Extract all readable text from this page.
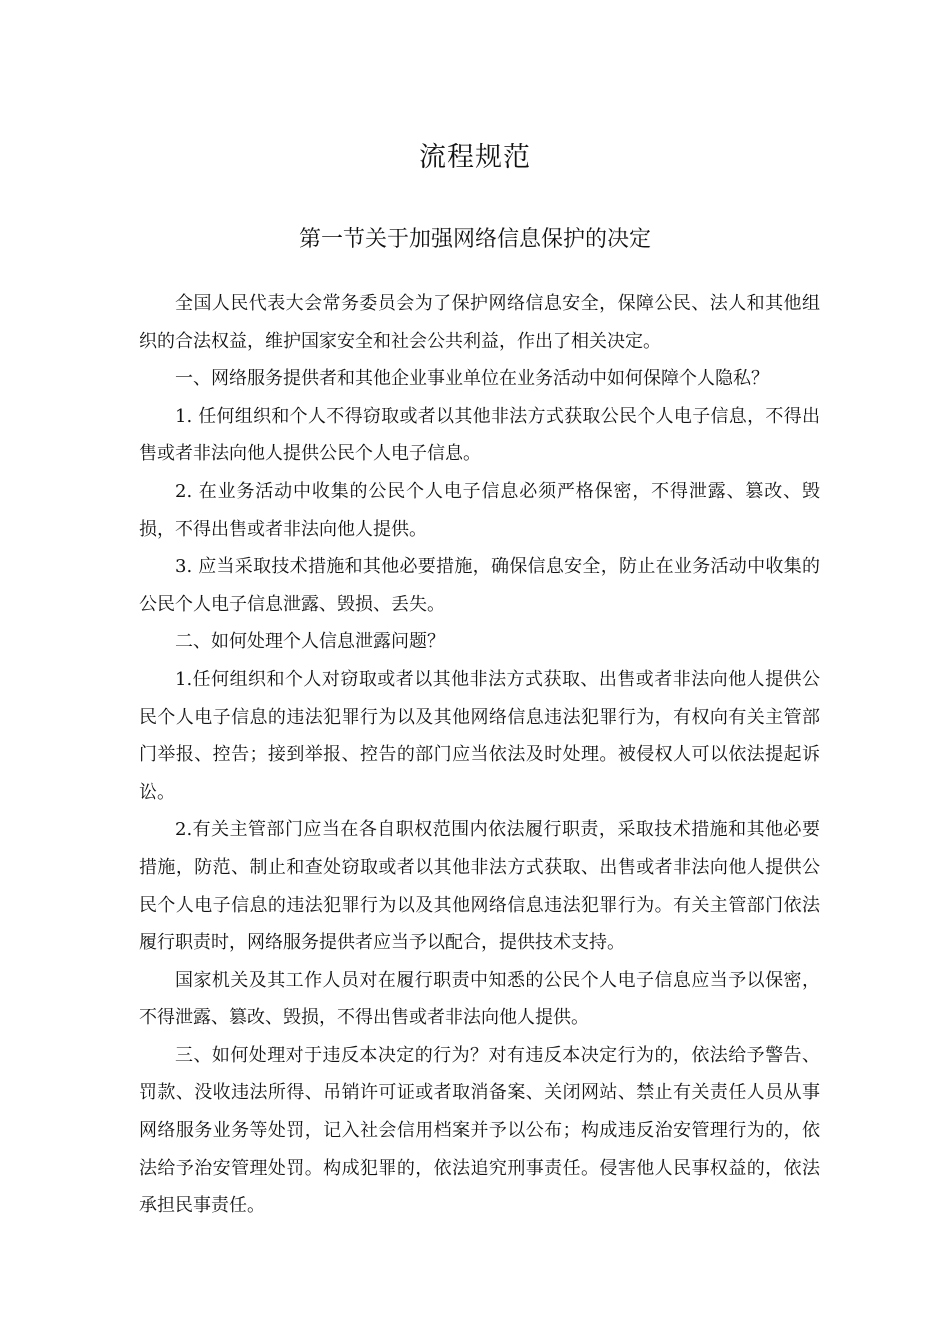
流程规范
第一节关于加强网络信息保护的决定

全国人民代表大会常务委员会为了保护网络信息安全，保障公民、法人和其他组织的合法权益，维护国家安全和社会公共利益，作出了相关决定。

一、网络服务提供者和其他企业事业单位在业务活动中如何保障个人隐私？

1. 任何组织和个人不得窃取或者以其他非法方式获取公民个人电子信息，不得出售或者非法向他人提供公民个人电子信息。

2. 在业务活动中收集的公民个人电子信息必须严格保密，不得泄露、篡改、毁损，不得出售或者非法向他人提供。

3. 应当采取技术措施和其他必要措施，确保信息安全，防止在业务活动中收集的公民个人电子信息泄露、毁损、丢失。

二、如何处理个人信息泄露问题？

1.任何组织和个人对窃取或者以其他非法方式获取、出售或者非法向他人提供公民个人电子信息的违法犯罪行为以及其他网络信息违法犯罪行为，有权向有关主管部门举报、控告；接到举报、控告的部门应当依法及时处理。被侵权人可以依法提起诉讼。

2.有关主管部门应当在各自职权范围内依法履行职责，采取技术措施和其他必要措施，防范、制止和查处窃取或者以其他非法方式获取、出售或者非法向他人提供公民个人电子信息的违法犯罪行为以及其他网络信息违法犯罪行为。有关主管部门依法履行职责时，网络服务提供者应当予以配合，提供技术支持。

国家机关及其工作人员对在履行职责中知悉的公民个人电子信息应当予以保密，不得泄露、篡改、毁损，不得出售或者非法向他人提供。

三、如何处理对于违反本决定的行为？对有违反本决定行为的，依法给予警告、罚款、没收违法所得、吊销许可证或者取消备案、关闭网站、禁止有关责任人员从事网络服务业务等处罚，记入社会信用档案并予以公布；构成违反治安管理行为的，依法给予治安管理处罚。构成犯罪的，依法追究刑事责任。侵害他人民事权益的，依法承担民事责任。
